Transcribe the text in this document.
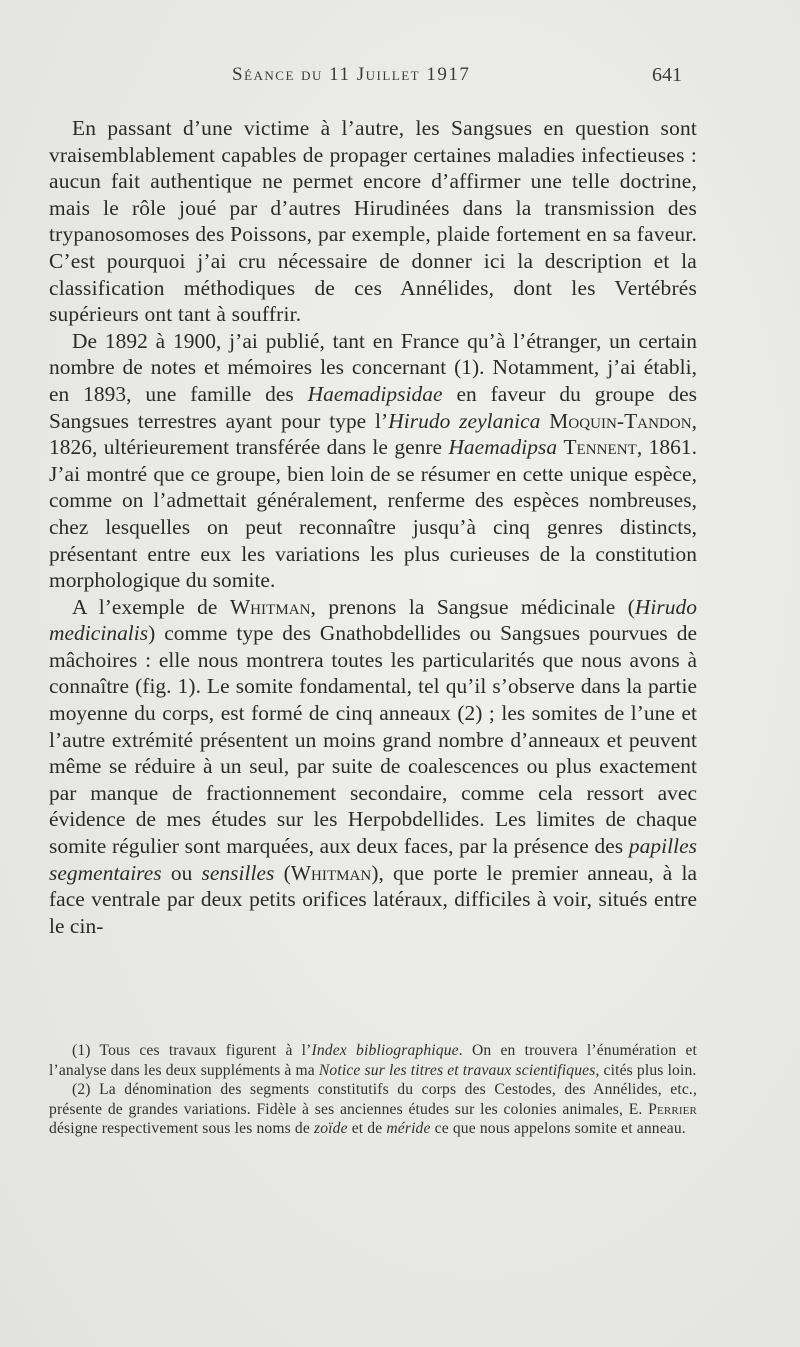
Séance du 11 Juillet 1917	641

En passant d’une victime à l’autre, les Sangsues en question sont vraisemblablement capables de propager certaines maladies infectieuses : aucun fait authentique ne permet encore d’affirmer une telle doctrine, mais le rôle joué par d’autres Hirudinées dans la transmission des trypanosomoses des Poissons, par exemple, plaide fortement en sa faveur. C’est pourquoi j’ai cru nécessaire de donner ici la description et la classification méthodiques de ces Annélides, dont les Vertébrés supérieurs ont tant à souffrir.

De 1892 à 1900, j’ai publié, tant en France qu’à l’étranger, un certain nombre de notes et mémoires les concernant (1). Notamment, j’ai établi, en 1893, une famille des Haemadipsidae en faveur du groupe des Sangsues terrestres ayant pour type l’Hirudo zeylanica Moquin-Tandon, 1826, ultérieurement transférée dans le genre Haemadipsa Tennent, 1861. J’ai montré que ce groupe, bien loin de se résumer en cette unique espèce, comme on l’admettait généralement, renferme des espèces nombreuses, chez lesquelles on peut reconnaître jusqu’à cinq genres distincts, présentant entre eux les variations les plus curieuses de la constitution morphologique du somite.

A l’exemple de Whitman, prenons la Sangsue médicinale (Hirudo medicinalis) comme type des Gnathobdellides ou Sangsues pourvues de mâchoires : elle nous montrera toutes les particularités que nous avons à connaître (fig. 1). Le somite fondamental, tel qu’il s’observe dans la partie moyenne du corps, est formé de cinq anneaux (2) ; les somites de l’une et l’autre extrémité présentent un moins grand nombre d’anneaux et peuvent même se réduire à un seul, par suite de coalescences ou plus exactement par manque de fractionnement secondaire, comme cela ressort avec évidence de mes études sur les Herpobdellides. Les limites de chaque somite régulier sont marquées, aux deux faces, par la présence des papilles segmentaires ou sensilles (Whitman), que porte le premier anneau, à la face ventrale par deux petits orifices latéraux, difficiles à voir, situés entre le cin-

(1) Tous ces travaux figurent à l’Index bibliographique. On en trouvera l’énumération et l’analyse dans les deux suppléments à ma Notice sur les titres et travaux scientifiques, cités plus loin.

(2) La dénomination des segments constitutifs du corps des Cestodes, des Annélides, etc., présente de grandes variations. Fidèle à ses anciennes études sur les colonies animales, E. Perrier désigne respectivement sous les noms de zoïde et de méride ce que nous appelons somite et anneau.
